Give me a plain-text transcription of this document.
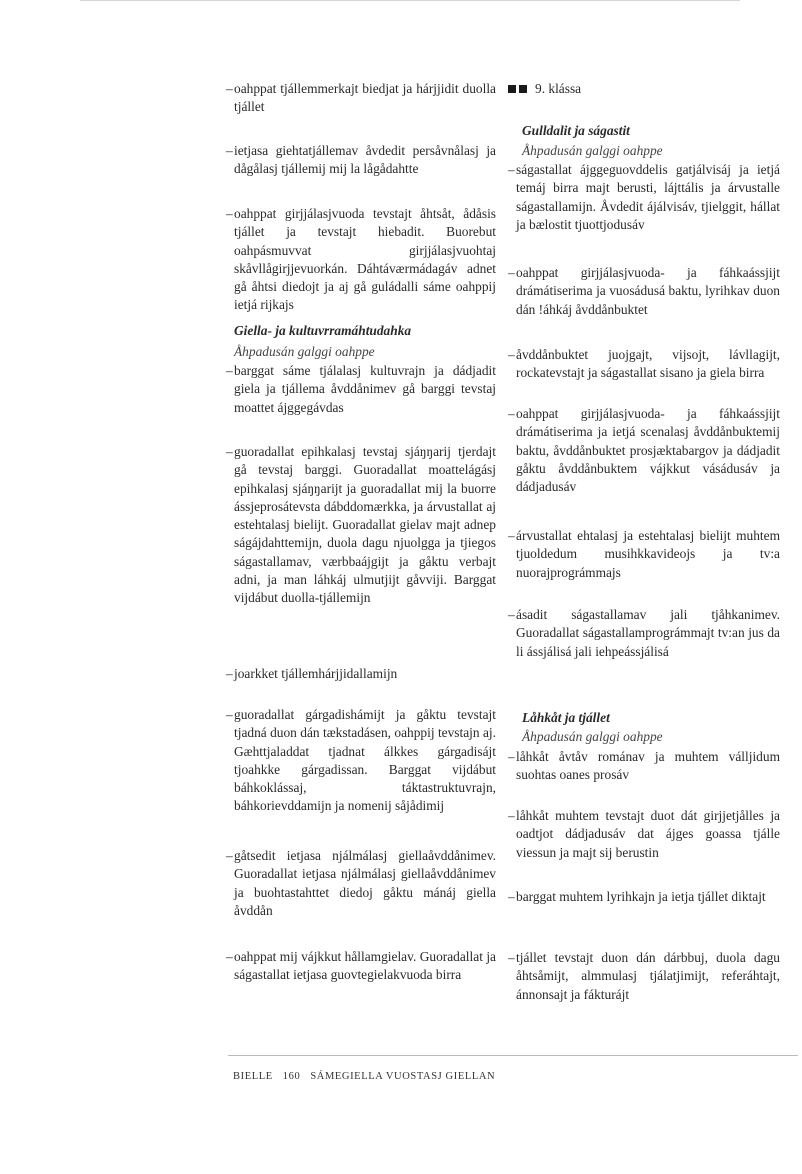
– oahppat tjállemmerkajt biedjat ja hárjjidit duolla tjállet
– ietjasa giehtatjállemav åvdedit persåvnålasj ja dågålasj tjállemij mij la lågådahtte
– oahppat girjjálasjvuoda tevstajt åhtsåt, ådåsis tjállet ja tevstajt hiebadit. Buorebut oahpásmuvvat girjjálasjvuohtaj skåvllågirjjevuorkán. Dáhtáværmádagáv adnet gå åhtsi diedojt ja aj gå guládalli sáme oahppij ietjá rijkajs
Giella- ja kultuvrramáhtudahka
Åhpadusán galggi oahppe
– barggat sáme tjálalasj kultuvrajn ja dádjadit giela ja tjállema åvddånimev gå barggi tevstaj moattet ájggegávdas
– guoradallat epihkalasj tevstaj sjáŋŋarij tjerdajt gå tevstaj barggi. Guoradallat moattelágásj epihkalasj sjáŋŋarijt ja guoradallat mij la buorre ássjeprosátevsta dábddomærkka, ja árvustallat aj estehtalasj bielijt. Guoradallat gielav majt adnep ságájdahttemijn, duola dagu njuolgga ja tjiegos ságastallamav, værbbaájgijt ja gåktu verbajt adni, ja man láhkáj ulmutjijt gåvviji. Barggat vijdábut duolla-tjállemijn
– joarkket tjállemhárjjidallamijn
– guoradallat gárgadishámijt ja gåktu tevstajt tjadná duon dán tækstadásen, oahppij tevstajn aj. Gæhttjaladdat tjadnat álkkes gárgadisájt tjoahkke gárgadissan. Barggat vijdábut báhkoklássaj, táktastruktuvrajn, báhkorievddamijn ja nomenij såjådimij
– gåtsedit ietjasa njálmálasj giellaåvddånimev. Guoradallat ietjasa njálmálasj giellaåvddånimev ja buohtastahttet diedoj gåktu mánáj giella åvddån
– oahppat mij vájkkut hållamgielav. Guoradallat ja ságastallat ietjasa guovtegielakvuoda birra
9. klássa
Gulldalit ja ságastit
Åhpadusán galggi oahppe
– ságastallat ájggeguovddelis gatjálvisáj ja ietjá temáj birra majt berusti, lájttális ja árvustalle ságastallamijn. Åvdedit ájálvisáv, tjielggit, hállat ja bælostit tjuottjodusáv
– oahppat girjjálasjvuoda- ja fáhkaássjijt drámátiserima ja vuosádusá baktu, lyrihkav duon dán !áhkáj åvddånbuktet
– åvddånbuktet juojgajt, vijsojt, lávllagijt, rockatevstajt ja ságastallat sisano ja giela birra
– oahppat girjjálasjvuoda- ja fáhkaássjijt drámátiserima ja ietjá scenalasj åvddånbuktemij baktu, åvddånbuktet prosjæktabargov ja dádjadit gåktu åvddånbuktem vájkkut vásádusáv ja dádjadusáv
– árvustallat ehtalasj ja estehtalasj bielijt muhtem tjuoldedum musihkkavideojs ja tv:a nuorajprográmmajs
– ásadit ságastallamav jali tjåhkanimev. Guoradallat ságastallamprográmmajt tv:an jus da li ássjálisá jali iehpeássjálisá
Låhkåt ja tjállet
Åhpadusán galggi oahppe
– låhkåt åvtåv románav ja muhtem válljidum suohtas oanes prosáv
– låhkåt muhtem tevstajt duot dát girjjetjålles ja oadtjot dádjadusáv dat ájges goassa tjálle viessun ja majt sij berustin
– barggat muhtem lyrihkajn ja ietja tjállet diktajt
– tjállet tevstajt duon dán dárbbuj, duola dagu åhtsåmijt, almmulasj tjálatjimijt, referáhtajt, ánnonsajt ja fákturájt
BIELLE 160 SÁMEGIELLA VUOSTASJ GIELLAN
